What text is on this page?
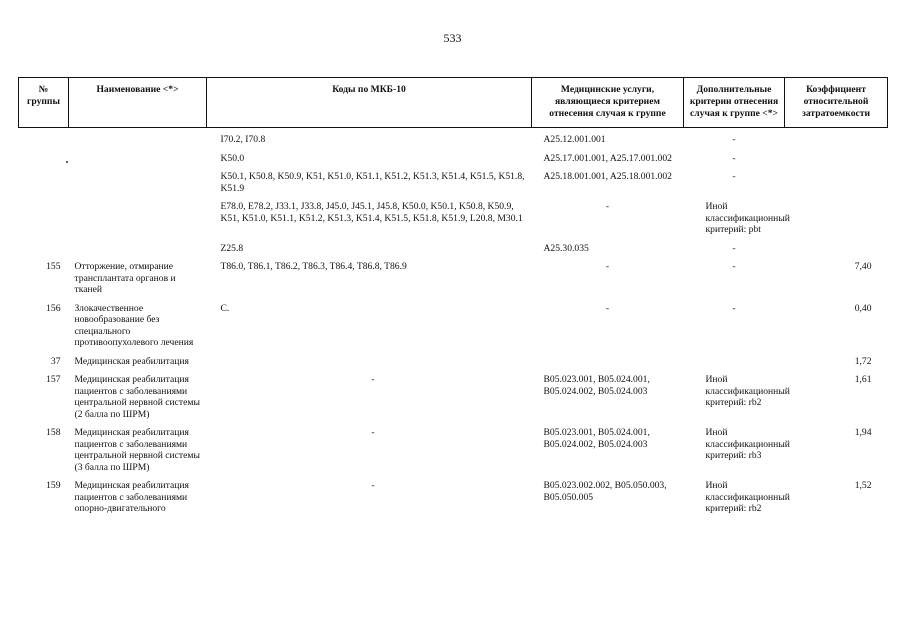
533
№ группы	Наименование <*>	Коды по МКБ-10	Медицинские услуги, являющиеся критерием отнесения случая к группе	Дополнительные критерии отнесения случая к группе <*>	Коэффициент относительной затратоемкости
		I70.2, I70.8	A25.12.001.001	-	
		K50.0	A25.17.001.001, A25.17.001.002	-	
		K50.1, K50.8, K50.9, K51, K51.0, K51.1, K51.2, K51.3, K51.4, K51.5, K51.8, K51.9	A25.18.001.001, A25.18.001.002	-	
		E78.0, E78.2, J33.1, J33.8, J45.0, J45.1, J45.8, K50.0, K50.1, K50.8, K50.9, K51, K51.0, K51.1, K51.2, K51.3, K51.4, K51.5, K51.8, K51.9, L20.8, M30.1	-	Иной классификационный критерий: pbt	
		Z25.8	A25.30.035	-	
155	Отторжение, отмирание трансплантата органов и тканей	T86.0, T86.1, T86.2, T86.3, T86.4, T86.8, T86.9	-	-	7,40
156	Злокачественное новообразование без специального противоопухолевого лечения	C.	-	-	0,40
37	Медицинская реабилитация				1,72
157	Медицинская реабилитация пациентов с заболеваниями центральной нервной системы (2 балла по ШРМ)	-	B05.023.001, B05.024.001, B05.024.002, B05.024.003	Иной классификационный критерий: rb2	1,61
158	Медицинская реабилитация пациентов с заболеваниями центральной нервной системы (3 балла по ШРМ)	-	B05.023.001, B05.024.001, B05.024.002, B05.024.003	Иной классификационный критерий: rb3	1,94
159	Медицинская реабилитация пациентов с заболеваниями опорно-двигательного	-	B05.023.002.002, B05.050.003, B05.050.005	Иной классификационный критерий: rb2	1,52
